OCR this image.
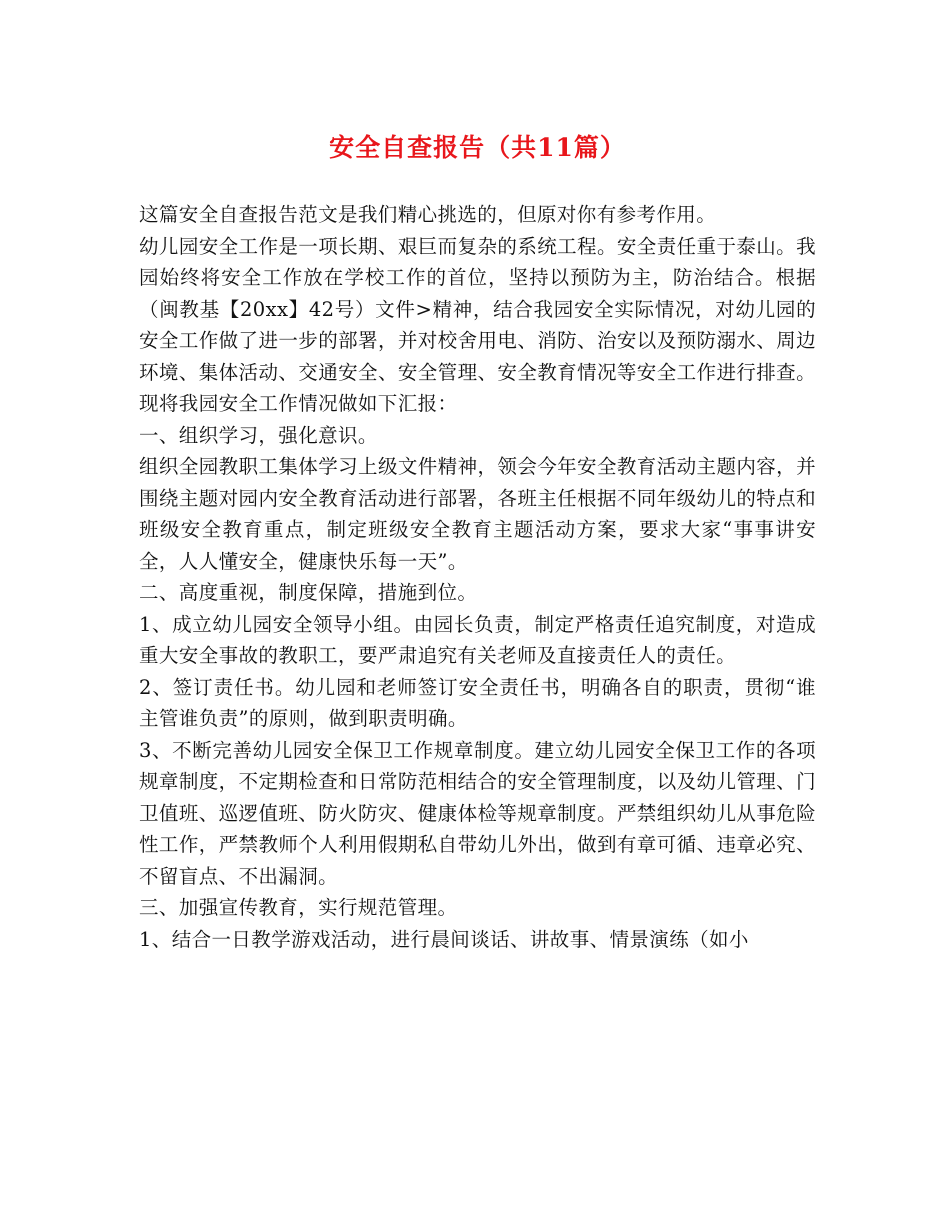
安全自查报告（共11篇）

这篇安全自查报告范文是我们精心挑选的，但原对你有参考作用。

幼儿园安全工作是一项长期、艰巨而复杂的系统工程。安全责任重于泰山。我园始终将安全工作放在学校工作的首位，坚持以预防为主，防治结合。根据（闽教基【20xx】42号）文件>精神，结合我园安全实际情况，对幼儿园的安全工作做了进一步的部署，并对校舍用电、消防、治安以及预防溺水、周边环境、集体活动、交通安全、安全管理、安全教育情况等安全工作进行排查。现将我园安全工作情况做如下汇报：

一、组织学习，强化意识。

组织全园教职工集体学习上级文件精神，领会今年安全教育活动主题内容，并围绕主题对园内安全教育活动进行部署，各班主任根据不同年级幼儿的特点和班级安全教育重点，制定班级安全教育主题活动方案，要求大家“事事讲安全，人人懂安全，健康快乐每一天”。

二、高度重视，制度保障，措施到位。

1、成立幼儿园安全领导小组。由园长负责，制定严格责任追究制度，对造成重大安全事故的教职工，要严肃追究有关老师及直接责任人的责任。

2、签订责任书。幼儿园和老师签订安全责任书，明确各自的职责，贯彻“谁主管谁负责”的原则，做到职责明确。

3、不断完善幼儿园安全保卫工作规章制度。建立幼儿园安全保卫工作的各项规章制度，不定期检查和日常防范相结合的安全管理制度，以及幼儿管理、门卫值班、巡逻值班、防火防灾、健康体检等规章制度。严禁组织幼儿从事危险性工作，严禁教师个人利用假期私自带幼儿外出，做到有章可循、违章必究、不留盲点、不出漏洞。

三、加强宣传教育，实行规范管理。

1、结合一日教学游戏活动，进行晨间谈话、讲故事、情景演练（如小
